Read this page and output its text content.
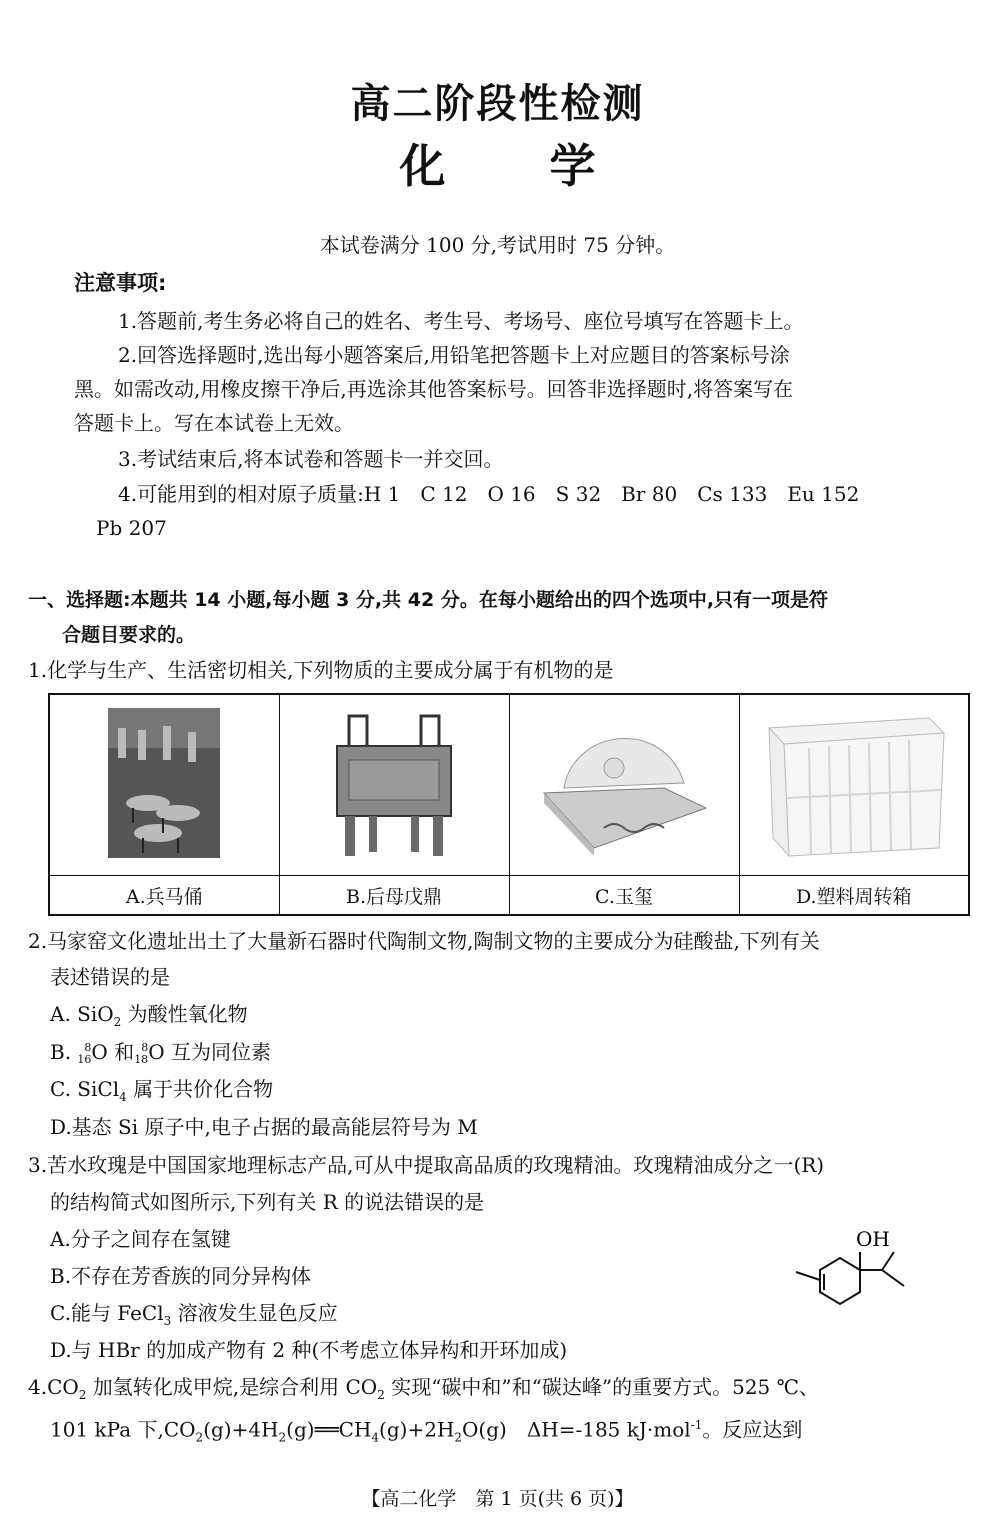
高二阶段性检测
化 学
本试卷满分 100 分,考试用时 75 分钟。
注意事项:
1.答题前,考生务必将自己的姓名、考生号、考场号、座位号填写在答题卡上。
2.回答选择题时,选出每小题答案后,用铅笔把答题卡上对应题目的答案标号涂
黑。如需改动,用橡皮擦干净后,再选涂其他答案标号。回答非选择题时,将答案写在
答题卡上。写在本试卷上无效。
3.考试结束后,将本试卷和答题卡一并交回。
4.可能用到的相对原子质量:H 1　C 12　O 16　S 32　Br 80　Cs 133　Eu 152
Pb 207
一、选择题:本题共 14 小题,每小题 3 分,共 42 分。在每小题给出的四个选项中,只有一项是符
合题目要求的。
1.化学与生产、生活密切相关,下列物质的主要成分属于有机物的是

A.兵马俑	B.后母戊鼎	C.玉玺	D.塑料周转箱
2.马家窑文化遗址出土了大量新石器时代陶制文物,陶制文物的主要成分为硅酸盐,下列有关
表述错误的是
A. SiO$_2$ 为酸性氧化物
B. 8
16O 和 8
18O 互为同位素
C. SiCl$_4$ 属于共价化合物
D.基态 Si 原子中,电子占据的最高能层符号为 M
3.苦水玫瑰是中国国家地理标志产品,可从中提取高品质的玫瑰精油。玫瑰精油成分之一(R)
的结构简式如图所示,下列有关 R 的说法错误的是
A.分子之间存在氢键
B.不存在芳香族的同分异构体
C.能与 FeCl$_3$ 溶液发生显色反应
D.与 HBr 的加成产物有 2 种(不考虑立体异构和开环加成)
OH
$4.CO_2$ 加氢转化成甲烷,是综合利用 $CO_2$ 实现“碳中和”和“碳达峰”的重要方式。525 ℃、
101 kPa 下$,CO_2(g)+4H_2(g)══CH_4(g)+2H_2O(g)$　ΔH=-185 kJ·mol$^{-1}$。反应达到
【高二化学　第 1 页(共 6 页)】
